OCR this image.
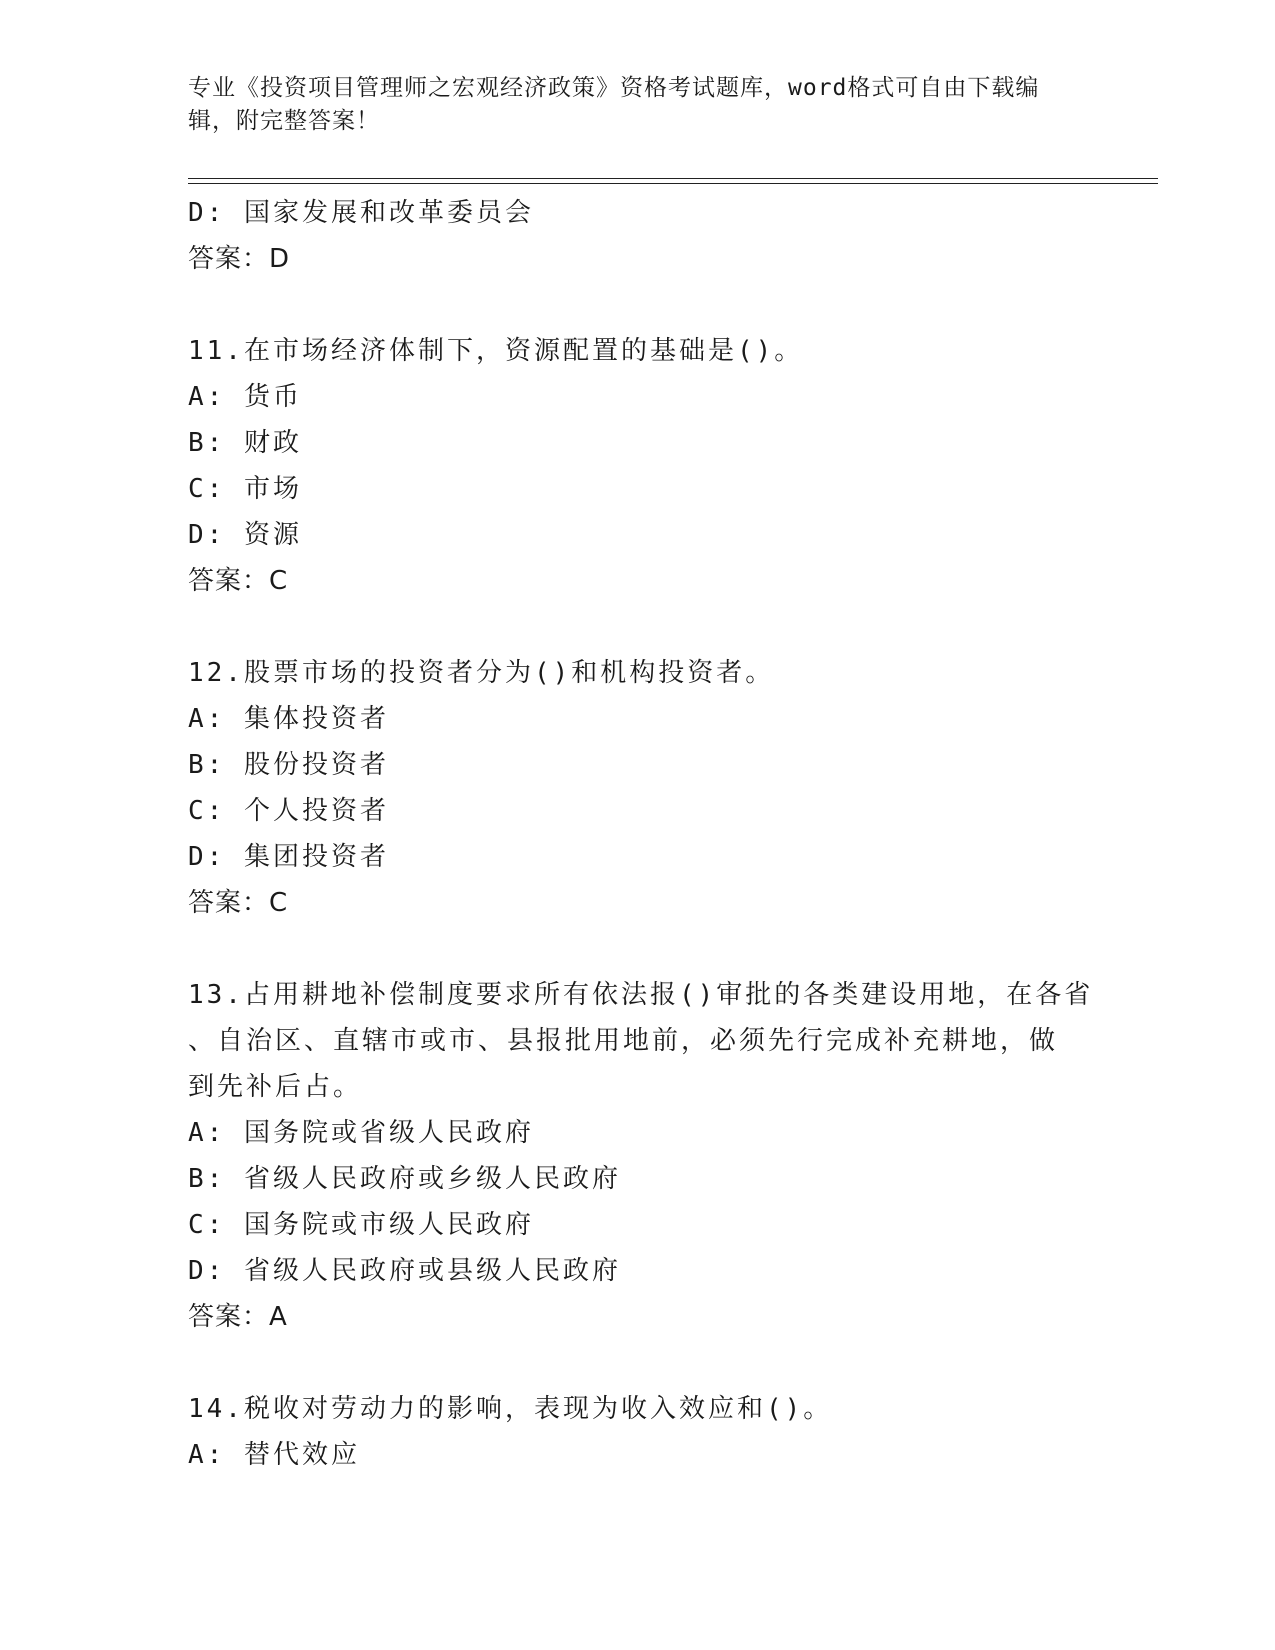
专业《投资项目管理师之宏观经济政策》资格考试题库，word格式可自由下载编
辑，附完整答案！
D: 国家发展和改革委员会
答案：D
11.在市场经济体制下，资源配置的基础是()。
A: 货币
B: 财政
C: 市场
D: 资源
答案：C
12.股票市场的投资者分为()和机构投资者。
A: 集体投资者
B: 股份投资者
C: 个人投资者
D: 集团投资者
答案：C
13.占用耕地补偿制度要求所有依法报()审批的各类建设用地，在各省
、自治区、直辖市或市、县报批用地前，必须先行完成补充耕地，做
到先补后占。
A: 国务院或省级人民政府
B: 省级人民政府或乡级人民政府
C: 国务院或市级人民政府
D: 省级人民政府或县级人民政府
答案：A
14.税收对劳动力的影响，表现为收入效应和()。
A: 替代效应
